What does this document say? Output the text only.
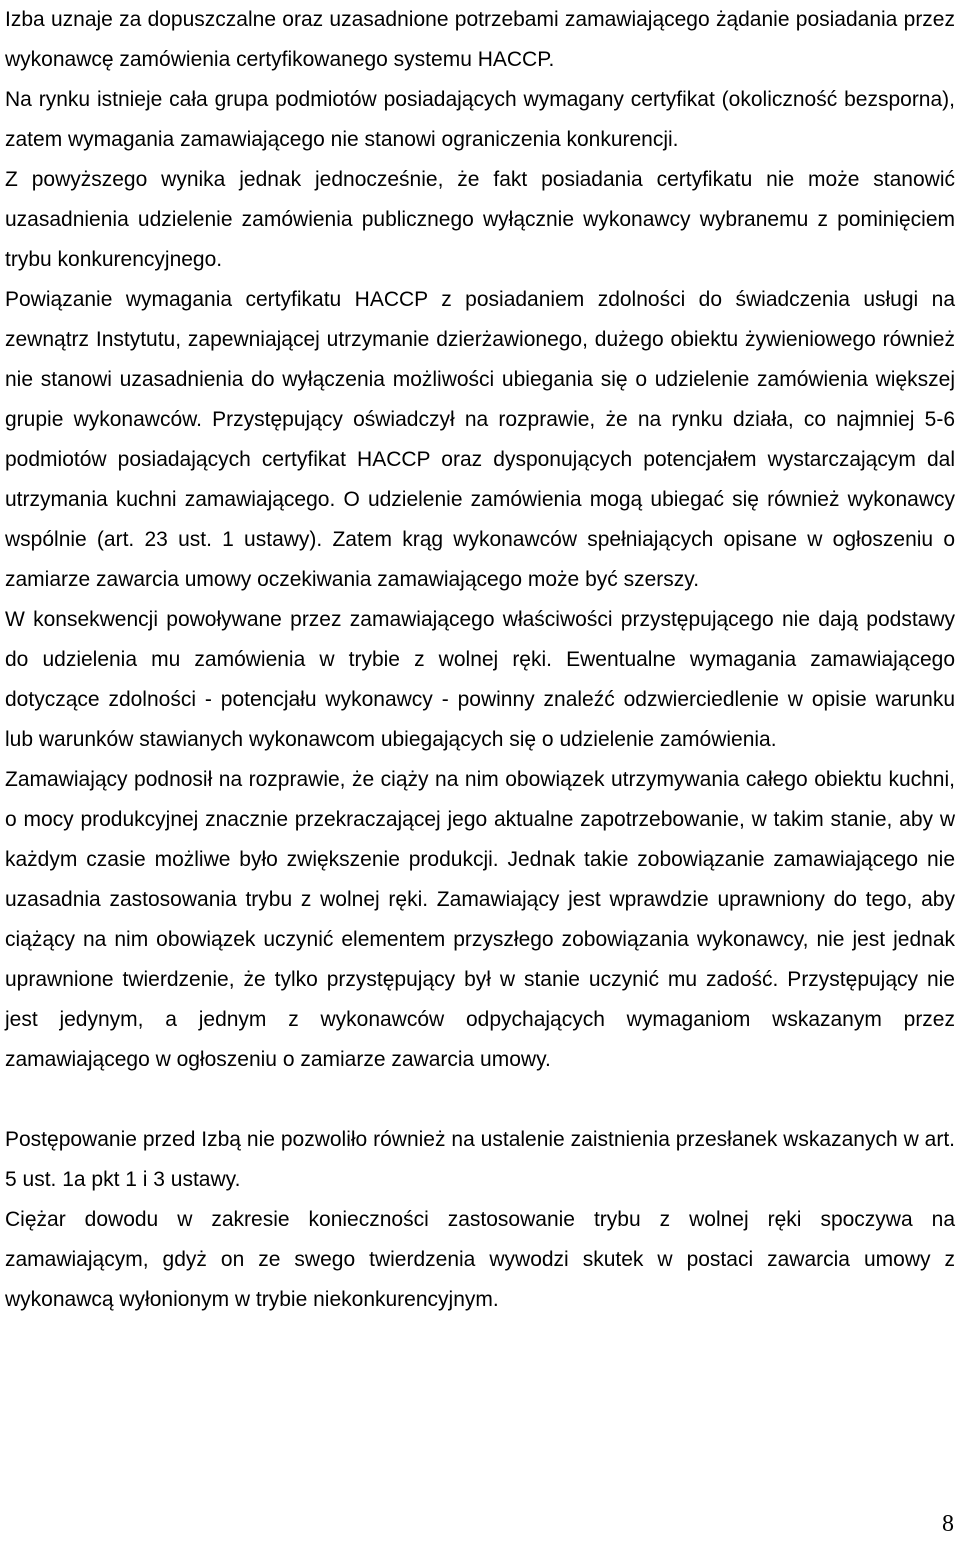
Izba uznaje za dopuszczalne oraz uzasadnione potrzebami zamawiającego żądanie posiadania przez wykonawcę zamówienia certyfikowanego systemu HACCP.

Na rynku istnieje cała grupa podmiotów posiadających wymagany certyfikat (okoliczność bezsporna), zatem wymagania zamawiającego nie stanowi ograniczenia konkurencji.

Z powyższego wynika jednak jednocześnie, że fakt posiadania certyfikatu nie może stanowić uzasadnienia udzielenie zamówienia publicznego wyłącznie wykonawcy wybranemu z pominięciem trybu konkurencyjnego.

Powiązanie wymagania certyfikatu HACCP z posiadaniem zdolności do świadczenia usługi na zewnątrz Instytutu, zapewniającej utrzymanie dzierżawionego, dużego obiektu żywieniowego również nie stanowi uzasadnienia do wyłączenia możliwości ubiegania się o udzielenie zamówienia większej grupie wykonawców. Przystępujący oświadczył na rozprawie, że na rynku działa, co najmniej 5-6 podmiotów posiadających certyfikat HACCP oraz dysponujących potencjałem wystarczającym dal utrzymania kuchni zamawiającego. O udzielenie zamówienia mogą ubiegać się również wykonawcy wspólnie (art. 23 ust. 1 ustawy). Zatem krąg wykonawców spełniających opisane w ogłoszeniu o zamiarze zawarcia umowy oczekiwania zamawiającego może być szerszy.

W konsekwencji powoływane przez zamawiającego właściwości przystępującego nie dają podstawy do udzielenia mu zamówienia w trybie z wolnej ręki. Ewentualne wymagania zamawiającego dotyczące zdolności - potencjału wykonawcy - powinny znaleźć odzwierciedlenie w opisie warunku lub warunków stawianych wykonawcom ubiegających się o udzielenie zamówienia.

Zamawiający podnosił na rozprawie, że ciąży na nim obowiązek utrzymywania całego obiektu kuchni, o mocy produkcyjnej znacznie przekraczającej jego aktualne zapotrzebowanie, w takim stanie, aby w każdym czasie możliwe było zwiększenie produkcji. Jednak takie zobowiązanie zamawiającego nie uzasadnia zastosowania trybu z wolnej ręki. Zamawiający jest wprawdzie uprawniony do tego, aby ciążący na nim obowiązek uczynić elementem przyszłego zobowiązania wykonawcy, nie jest jednak uprawnione twierdzenie, że tylko przystępujący był w stanie uczynić mu zadość. Przystępujący nie jest jedynym, a jednym z wykonawców odpychających wymaganiom wskazanym przez zamawiającego w ogłoszeniu o zamiarze zawarcia umowy.

Postępowanie przed Izbą nie pozwoliło również na ustalenie zaistnienia przesłanek wskazanych w art. 5 ust. 1a pkt 1 i 3 ustawy.

Ciężar dowodu w zakresie konieczności zastosowanie trybu z wolnej ręki spoczywa na zamawiającym, gdyż on ze swego twierdzenia wywodzi skutek w postaci zawarcia umowy z wykonawcą wyłonionym w trybie niekonkurencyjnym.

8
